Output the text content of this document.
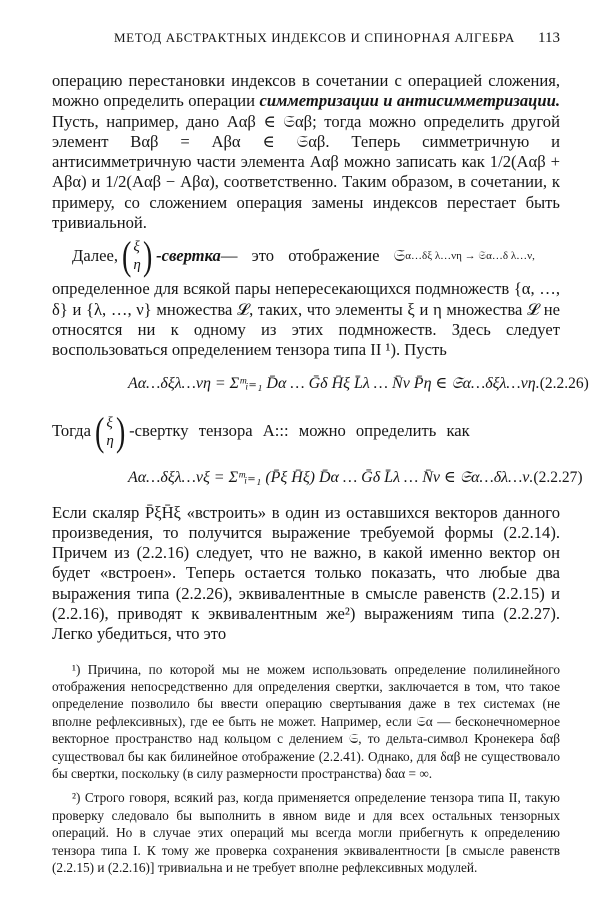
МЕТОД АБСТРАКТНЫХ ИНДЕКСОВ И СПИНОРНАЯ АЛГЕБРА 113

операцию перестановки индексов в сочетании с операцией сложения, можно определить операции симметризации и антисимметризации. Пусть, например, дано Aαβ ∈ 𝔖αβ; тогда можно определить другой элемент Bαβ = Aβα ∈ 𝔖αβ. Теперь симметричную и антисимметричную части элемента Aαβ можно записать как 1/2(Aαβ + Aβα) и 1/2(Aαβ − Aβα), соответственно. Таким образом, в сочетании, к примеру, со сложением операция замены индексов перестает быть тривиальной.

Далее, ( ξ
η ) -свертка — это отображение 𝔖 α…δξ λ…νη → 𝔖α…δ λ…ν,

определенное для всякой пары непересекающихся подмножеств {α, …, δ} и {λ, …, ν} множества 𝓛, таких, что элементы ξ и η множества 𝓛 не относятся ни к одному из этих подмножеств. Здесь следует воспользоваться определением тензора типа II ¹). Пусть

Aα…δξλ…νη = Σᵐᵢ₌₁ D̄α … Ḡδ H̄ξ L̄λ … N̄ν P̄η ∈ 𝔖α…δξλ…νη. (2.2.26)
Тогда ( ξ
η ) -свертку тензора A::: можно определить как
Aα…δξλ…νξ = Σᵐᵢ₌₁ (P̄ξ H̄ξ) D̄α … Ḡδ L̄λ … N̄ν ∈ 𝔖α…δλ…ν. (2.2.27)

Если скаляр P̄ξH̄ξ «встроить» в один из оставшихся векторов данного произведения, то получится выражение требуемой формы (2.2.14). Причем из (2.2.16) следует, что не важно, в какой именно вектор он будет «встроен». Теперь остается только показать, что любые два выражения типа (2.2.26), эквивалентные в смысле равенств (2.2.15) и (2.2.16), приводят к эквивалентным же²) выражениям типа (2.2.27). Легко убедиться, что это

¹) Причина, по которой мы не можем использовать определение полилинейного отображения непосредственно для определения свертки, заключается в том, что такое определение позволило бы ввести операцию свертывания даже в тех системах (не вполне рефлексивных), где ее быть не может. Например, если 𝔖α — бесконечномерное векторное пространство над кольцом с делением 𝔖, то дельта-символ Кронекера δαβ существовал бы как билинейное отображение (2.2.41). Однако, для δαβ не существовало бы свертки, поскольку (в силу размерности пространства) δαα = ∞.

²) Строго говоря, всякий раз, когда применяется определение тензора типа II, такую проверку следовало бы выполнить в явном виде и для всех остальных тензорных операций. Но в случае этих операций мы всегда могли прибегнуть к определению тензора типа I. К тому же проверка сохранения эквивалентности [в смысле равенств (2.2.15) и (2.2.16)] тривиальна и не требует вполне рефлексивных модулей.
